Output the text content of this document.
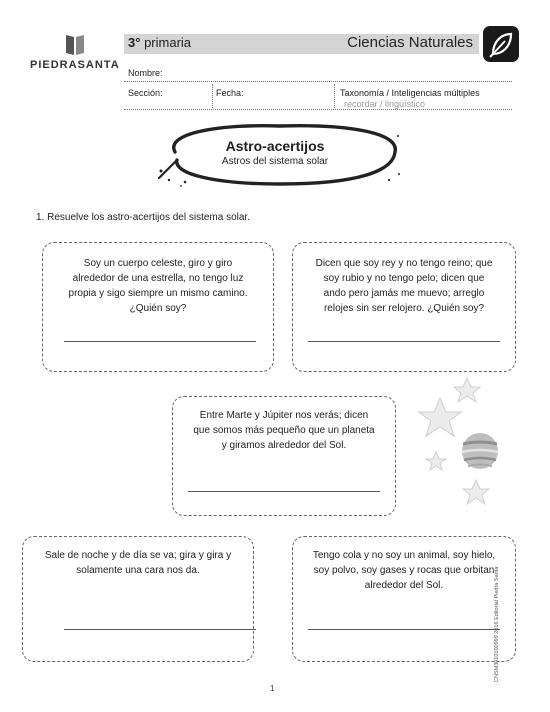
PIEDRASANTA
3° primaria	Ciencias Naturales
Nombre:
Sección:	Fecha:	Taxonomía / Inteligencias múltiples
recordar / lingüístico
Astro-acertijos
Astros del sistema solar
1. Resuelve los astro-acertijos del sistema solar.
Soy un cuerpo celeste, giro y giro
alrededor de una estrella, no tengo luz
propia y sigo siempre un mismo camino.
¿Quién soy?
Dicen que soy rey y no tengo reino; que
soy rubio y no tengo pelo; dicen que
ando pero jamás me muevo; arreglo
relojes sin ser relojero. ¿Quién soy?
Entre Marte y Júpiter nos verás; dicen
que somos más pequeño que un planeta
y giramos alrededor del Sol.
Sale de noche y de día se va; gira y gira y
solamente una cara nos da.
Tengo cola y no soy un animal, soy hielo,
soy polvo, soy gases y rocas que orbitan
alrededor del Sol.
1
CNSM3010100999 2016 Editorial Piedra Santa
